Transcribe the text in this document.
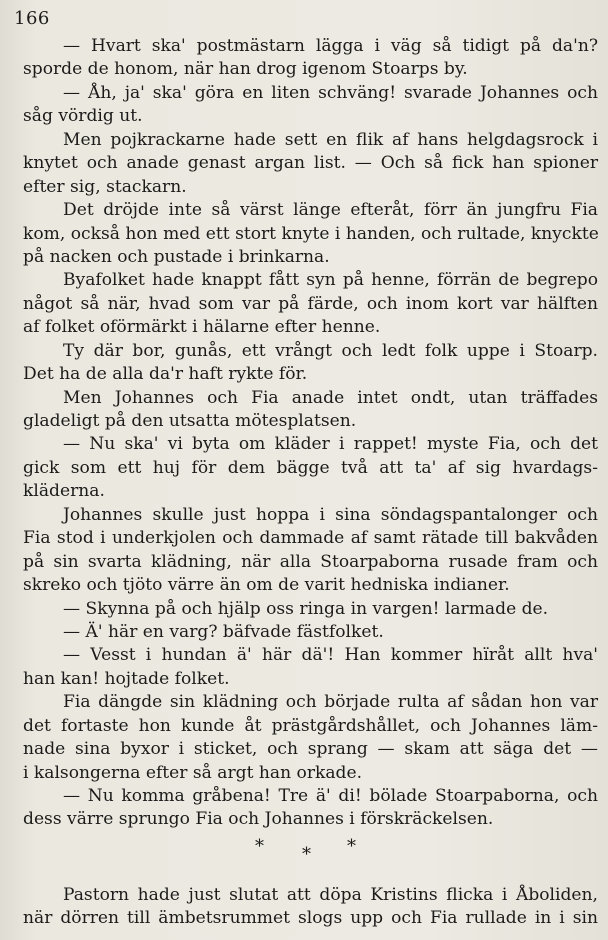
166
— Hvart ska' postmästarn lägga i väg så tidigt på da'n?
sporde de honom, när han drog igenom Stoarps by.
— Åh, ja' ska' göra en liten schväng! svarade Johannes och
såg vördig ut.
Men pojkrackarne hade sett en flik af hans helgdagsrock i
knytet och anade genast argan list. — Och så fick han spioner
efter sig, stackarn.
Det dröjde inte så värst länge efteråt, förr än jungfru Fia
kom, också hon med ett stort knyte i handen, och rultade, knyckte
på nacken och pustade i brinkarna.
Byafolket hade knappt fått syn på henne, förrän de begrepo
något så när, hvad som var på färde, och inom kort var hälften
af folket oförmärkt i hälarne efter henne.
Ty där bor, gunås, ett vrångt och ledt folk uppe i Stoarp.
Det ha de alla da'r haft rykte för.
Men Johannes och Fia anade intet ondt, utan träffades
gladeligt på den utsatta mötesplatsen.
— Nu ska' vi byta om kläder i rappet! myste Fia, och det
gick som ett huj för dem bägge två att ta' af sig hvardags-
kläderna.
Johannes skulle just hoppa i sina söndagspantalonger och
Fia stod i underkjolen och dammade af samt rätade till bakvåden
på sin svarta klädning, när alla Stoarpaborna rusade fram och
skreko och tjöto värre än om de varit hedniska indianer.
— Skynna på och hjälp oss ringa in vargen! larmade de.
— Ä' här en varg? bäfvade fästfolket.
— Vesst i hundan ä' här dä'! Han kommer hïråt allt hva'
han kan! hojtade folket.
Fia dängde sin klädning och började rulta af sådan hon var
det fortaste hon kunde åt prästgårdshållet, och Johannes läm-
nade sina byxor i sticket, och sprang — skam att säga det —
i kalsongerna efter så argt han orkade.
— Nu komma gråbena! Tre ä' di! bölade Stoarpaborna, och
dess värre sprungo Fia och Johannes i förskräckelsen.
* * *
Pastorn hade just slutat att döpa Kristins flicka i Åboliden,
när dörren till ämbetsrummet slogs upp och Fia rullade in i sin
